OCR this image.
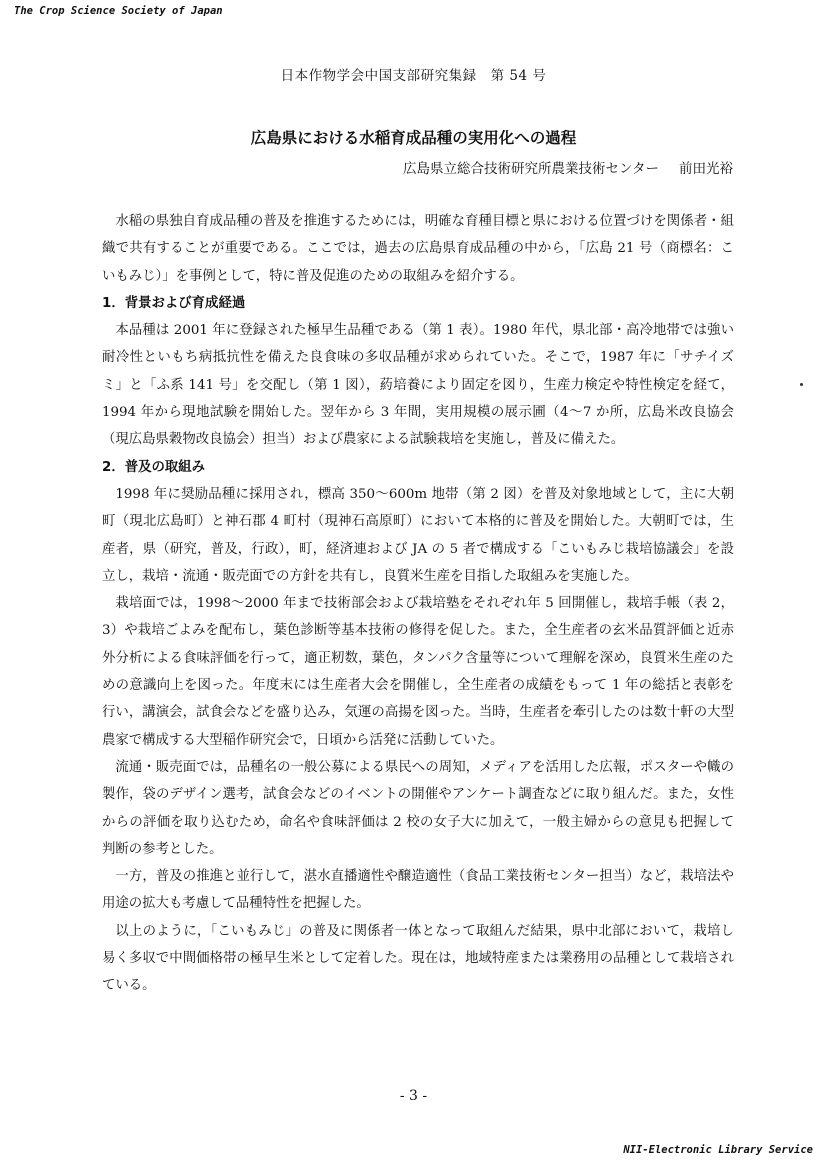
The Crop Science Society of Japan
日本作物学会中国支部研究集録　第 54 号
広島県における水稲育成品種の実用化への過程
広島県立総合技術研究所農業技術センター 前田光裕

水稲の県独自育成品種の普及を推進するためには，明確な育種目標と県における位置づけを関係者・組織で共有することが重要である。ここでは，過去の広島県育成品種の中から，「広島 21 号（商標名：こいもみじ）」を事例として，特に普及促進のための取組みを紹介する。

1．背景および育成経過

本品種は 2001 年に登録された極早生品種である（第 1 表）。1980 年代，県北部・高冷地帯では強い耐冷性といもち病抵抗性を備えた良食味の多収品種が求められていた。そこで，1987 年に「サチイズミ」と「ふ系 141 号」を交配し（第 1 図），葯培養により固定を図り，生産力検定や特性検定を経て，1994 年から現地試験を開始した。翌年から 3 年間，実用規模の展示圃（4〜7 か所，広島米改良協会（現広島県穀物改良協会）担当）および農家による試験栽培を実施し，普及に備えた。

2．普及の取組み

1998 年に奨励品種に採用され，標高 350〜600m 地帯（第 2 図）を普及対象地域として，主に大朝町（現北広島町）と神石郡 4 町村（現神石高原町）において本格的に普及を開始した。大朝町では，生産者，県（研究，普及，行政），町，経済連および JA の 5 者で構成する「こいもみじ栽培協議会」を設立し，栽培・流通・販売面での方針を共有し，良質米生産を目指した取組みを実施した。

栽培面では，1998〜2000 年まで技術部会および栽培塾をそれぞれ年 5 回開催し，栽培手帳（表 2，3）や栽培ごよみを配布し，葉色診断等基本技術の修得を促した。また，全生産者の玄米品質評価と近赤外分析による食味評価を行って，適正籾数，葉色，タンパク含量等について理解を深め，良質米生産のための意識向上を図った。年度末には生産者大会を開催し，全生産者の成績をもって 1 年の総括と表彰を行い，講演会，試食会などを盛り込み，気運の高揚を図った。当時，生産者を牽引したのは数十軒の大型農家で構成する大型稲作研究会で，日頃から活発に活動していた。

流通・販売面では，品種名の一般公募による県民への周知，メディアを活用した広報，ポスターや幟の製作，袋のデザイン選考，試食会などのイベントの開催やアンケート調査などに取り組んだ。また，女性からの評価を取り込むため，命名や食味評価は 2 校の女子大に加えて，一般主婦からの意見も把握して判断の参考とした。

一方，普及の推進と並行して，湛水直播適性や醸造適性（食品工業技術センター担当）など，栽培法や用途の拡大も考慮して品種特性を把握した。

以上のように，「こいもみじ」の普及に関係者一体となって取組んだ結果，県中北部において，栽培し易く多収で中間価格帯の極早生米として定着した。現在は，地域特産または業務用の品種として栽培されている。

- 3 -
NII-Electronic Library Service
